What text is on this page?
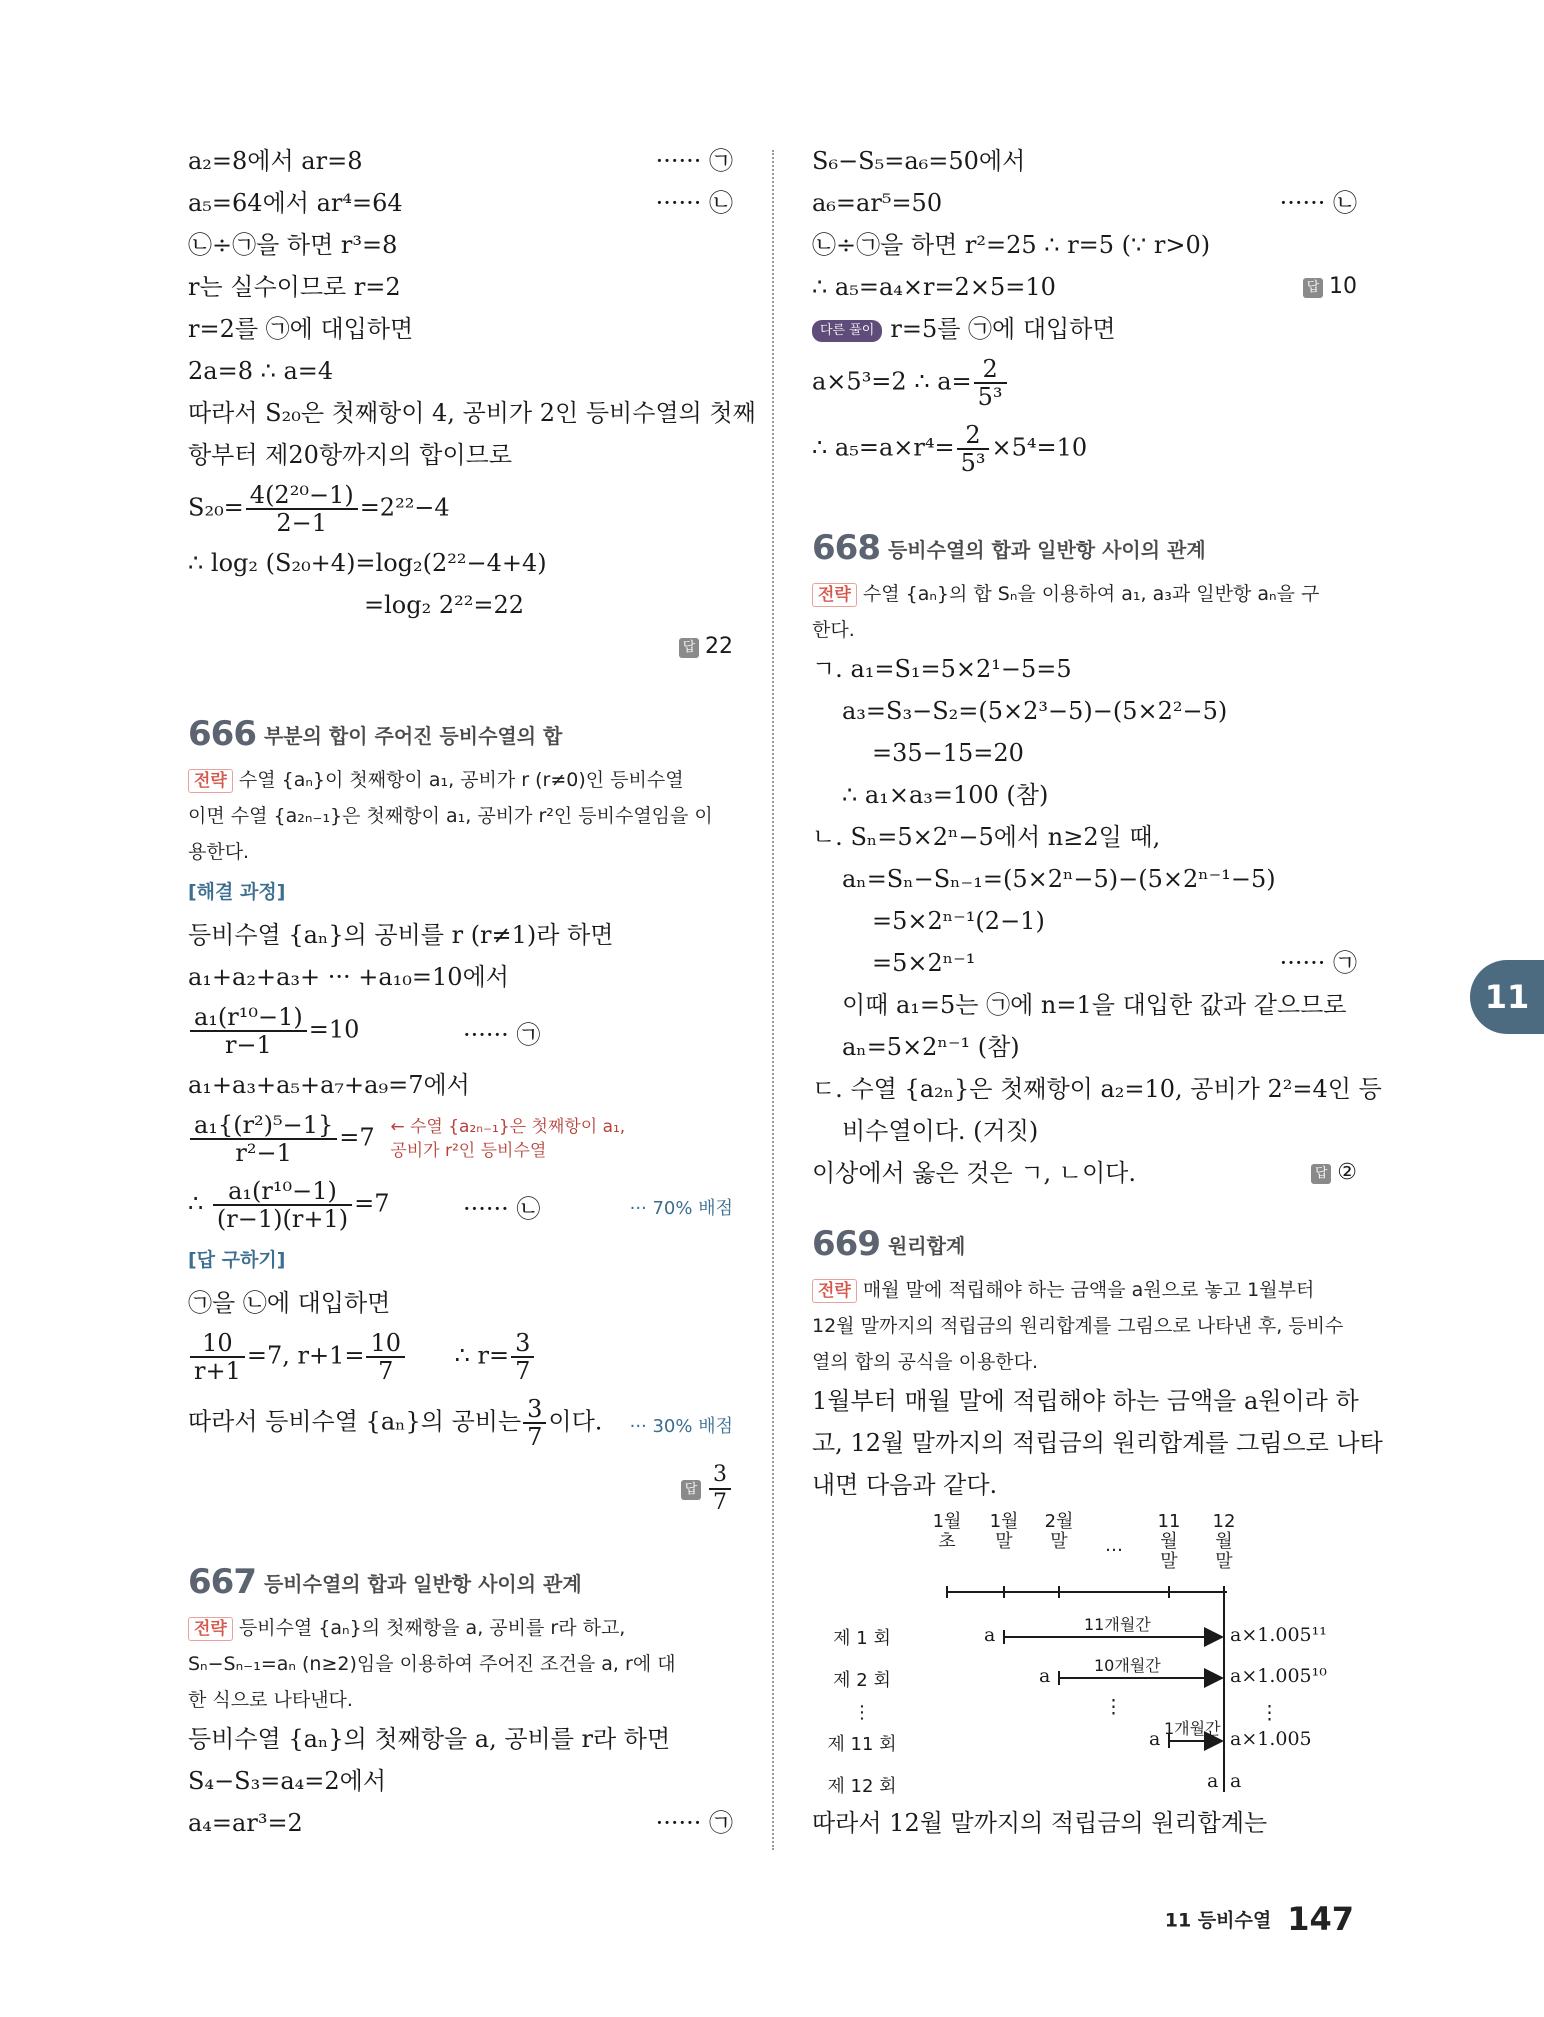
a₂=8에서 ar=8	······ ㉠
a₅=64에서 ar⁴=64	······ ㉡
㉡÷㉠을 하면 r³=8
r는 실수이므로 r=2
r=2를 ㉠에 대입하면
2a=8 ∴ a=4
따라서 S₂₀은 첫째항이 4, 공비가 2인 등비수열의 첫째
항부터 제20항까지의 합이므로
$S_{20}= \frac{\text{4(2²⁰−1)}}{2-1} =2^{22}-4$
∴ log₂ (S₂₀+4)=log₂(2²²−4+4)
=log₂ 2²²=22
답 22
666 부분의 합이 주어진 등비수열의 합
전략 수열 {aₙ}이 첫째항이 a₁, 공비가 r (r≠0)인 등비수열
이면 수열 {a₂ₙ₋₁}은 첫째항이 a₁, 공비가 r²인 등비수열임을 이
용한다.
[해결 과정]
등비수열 {aₙ}의 공비를 r (r≠1)라 하면
a₁+a₂+a₃+ ··· +a₁₀=10에서
$\frac{\text{a₁(r¹⁰−1)}}{r-1} =10$	······ ㉠
a₁+a₃+a₅+a₇+a₉=7에서
$\frac{\text{a₁\{(r²)⁵−1\}}}{\text{r²−1}} =7$ ← 수열 {a₂ₙ₋₁}은 첫째항이 a₁,
공비가 r²인 등비수열
∴ $\frac{\text{a₁(r¹⁰−1)}}{(r-1)(r+1)} =7$	······ ㉡	··· 70% 배점
[답 구하기]
㉠을 ㉡에 대입하면
$\frac{10}{r+1} =7$, $r+1= \frac{10}{7}$ ∴ $r= \frac{3}{7}$
따라서 등비수열 {aₙ}의 공비는 $\frac{3}{7}$ 이다. ··· 30% 배점
답 $\frac{3}{7}$
667 등비수열의 합과 일반항 사이의 관계
전략 등비수열 {aₙ}의 첫째항을 a, 공비를 r라 하고,
Sₙ−Sₙ₋₁=aₙ (n≥2)임을 이용하여 주어진 조건을 a, r에 대
한 식으로 나타낸다.
등비수열 {aₙ}의 첫째항을 a, 공비를 r라 하면
S₄−S₃=a₄=2에서
a₄=ar³=2	······ ㉠
S₆−S₅=a₆=50에서
a₆=ar⁵=50	······ ㉡
㉡÷㉠을 하면 r²=25 ∴ r=5 (∵ r>0)
∴ a₅=a₄×r=2×5=10	답 10
다른 풀이 r=5를 ㉠에 대입하면
a×5³=2 ∴ $a= \frac{2}{\text{5³}}$
∴ $a_5=a\times r^4= \frac{2}{\text{5³}} \times 5^4=10$
668 등비수열의 합과 일반항 사이의 관계
전략 수열 {aₙ}의 합 Sₙ을 이용하여 a₁, a₃과 일반항 aₙ을 구
한다.
ㄱ. a₁=S₁=5×2¹−5=5
a₃=S₃−S₂=(5×2³−5)−(5×2²−5)
=35−15=20
∴ a₁×a₃=100 (참)
ㄴ. Sₙ=5×2ⁿ−5에서 n≥2일 때,
aₙ=Sₙ−Sₙ₋₁=(5×2ⁿ−5)−(5×2ⁿ⁻¹−5)
=5×2ⁿ⁻¹(2−1)
=5×2ⁿ⁻¹	······ ㉠
이때 a₁=5는 ㉠에 n=1을 대입한 값과 같으므로
aₙ=5×2ⁿ⁻¹ (참)
ㄷ. 수열 {a₂ₙ}은 첫째항이 a₂=10, 공비가 2²=4인 등
비수열이다. (거짓)
이상에서 옳은 것은 ㄱ, ㄴ이다.	답 ②
669 원리합계
전략 매월 말에 적립해야 하는 금액을 a원으로 놓고 1월부터
12월 말까지의 적립금의 원리합계를 그림으로 나타낸 후, 등비수
열의 합의 공식을 이용한다.
1월부터 매월 말에 적립해야 하는 금액을 a원이라 하
고, 12월 말까지의 적립금의 원리합계를 그림으로 나타
내면 다음과 같다.
1월초
1월말
2월말	…
11월말
12월말
제 1 회
제 2 회
⋮
제 11 회
제 12 회
11개월간
10개월간
1개월간
a
a
a
a
⋮
a×1.005¹¹
a×1.005¹⁰
⋮
a×1.005
a
따라서 12월 말까지의 적립금의 원리합계는
11
11 등비수열 147
